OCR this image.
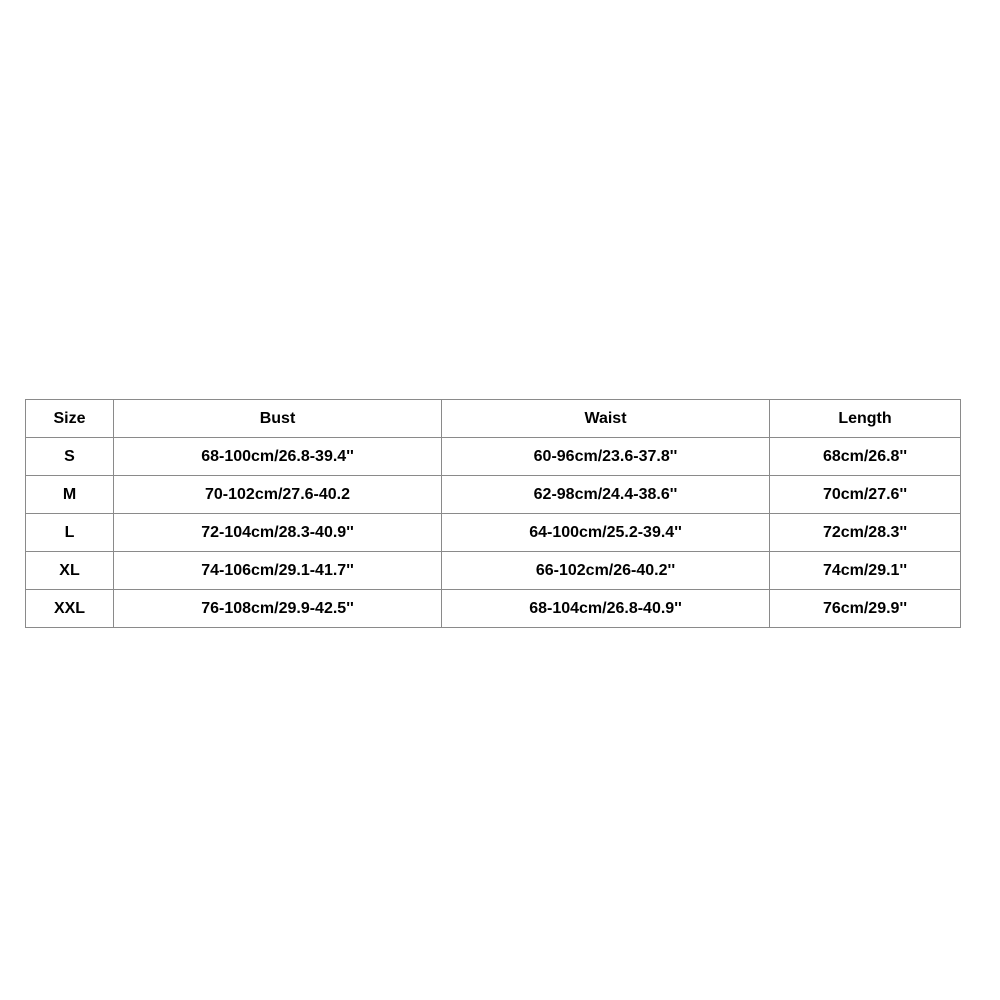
Size	Bust	Waist	Length
S	68-100cm/26.8-39.4''	60-96cm/23.6-37.8''	68cm/26.8''
M	70-102cm/27.6-40.2	62-98cm/24.4-38.6''	70cm/27.6''
L	72-104cm/28.3-40.9''	64-100cm/25.2-39.4''	72cm/28.3''
XL	74-106cm/29.1-41.7''	66-102cm/26-40.2''	74cm/29.1''
XXL	76-108cm/29.9-42.5''	68-104cm/26.8-40.9''	76cm/29.9''
